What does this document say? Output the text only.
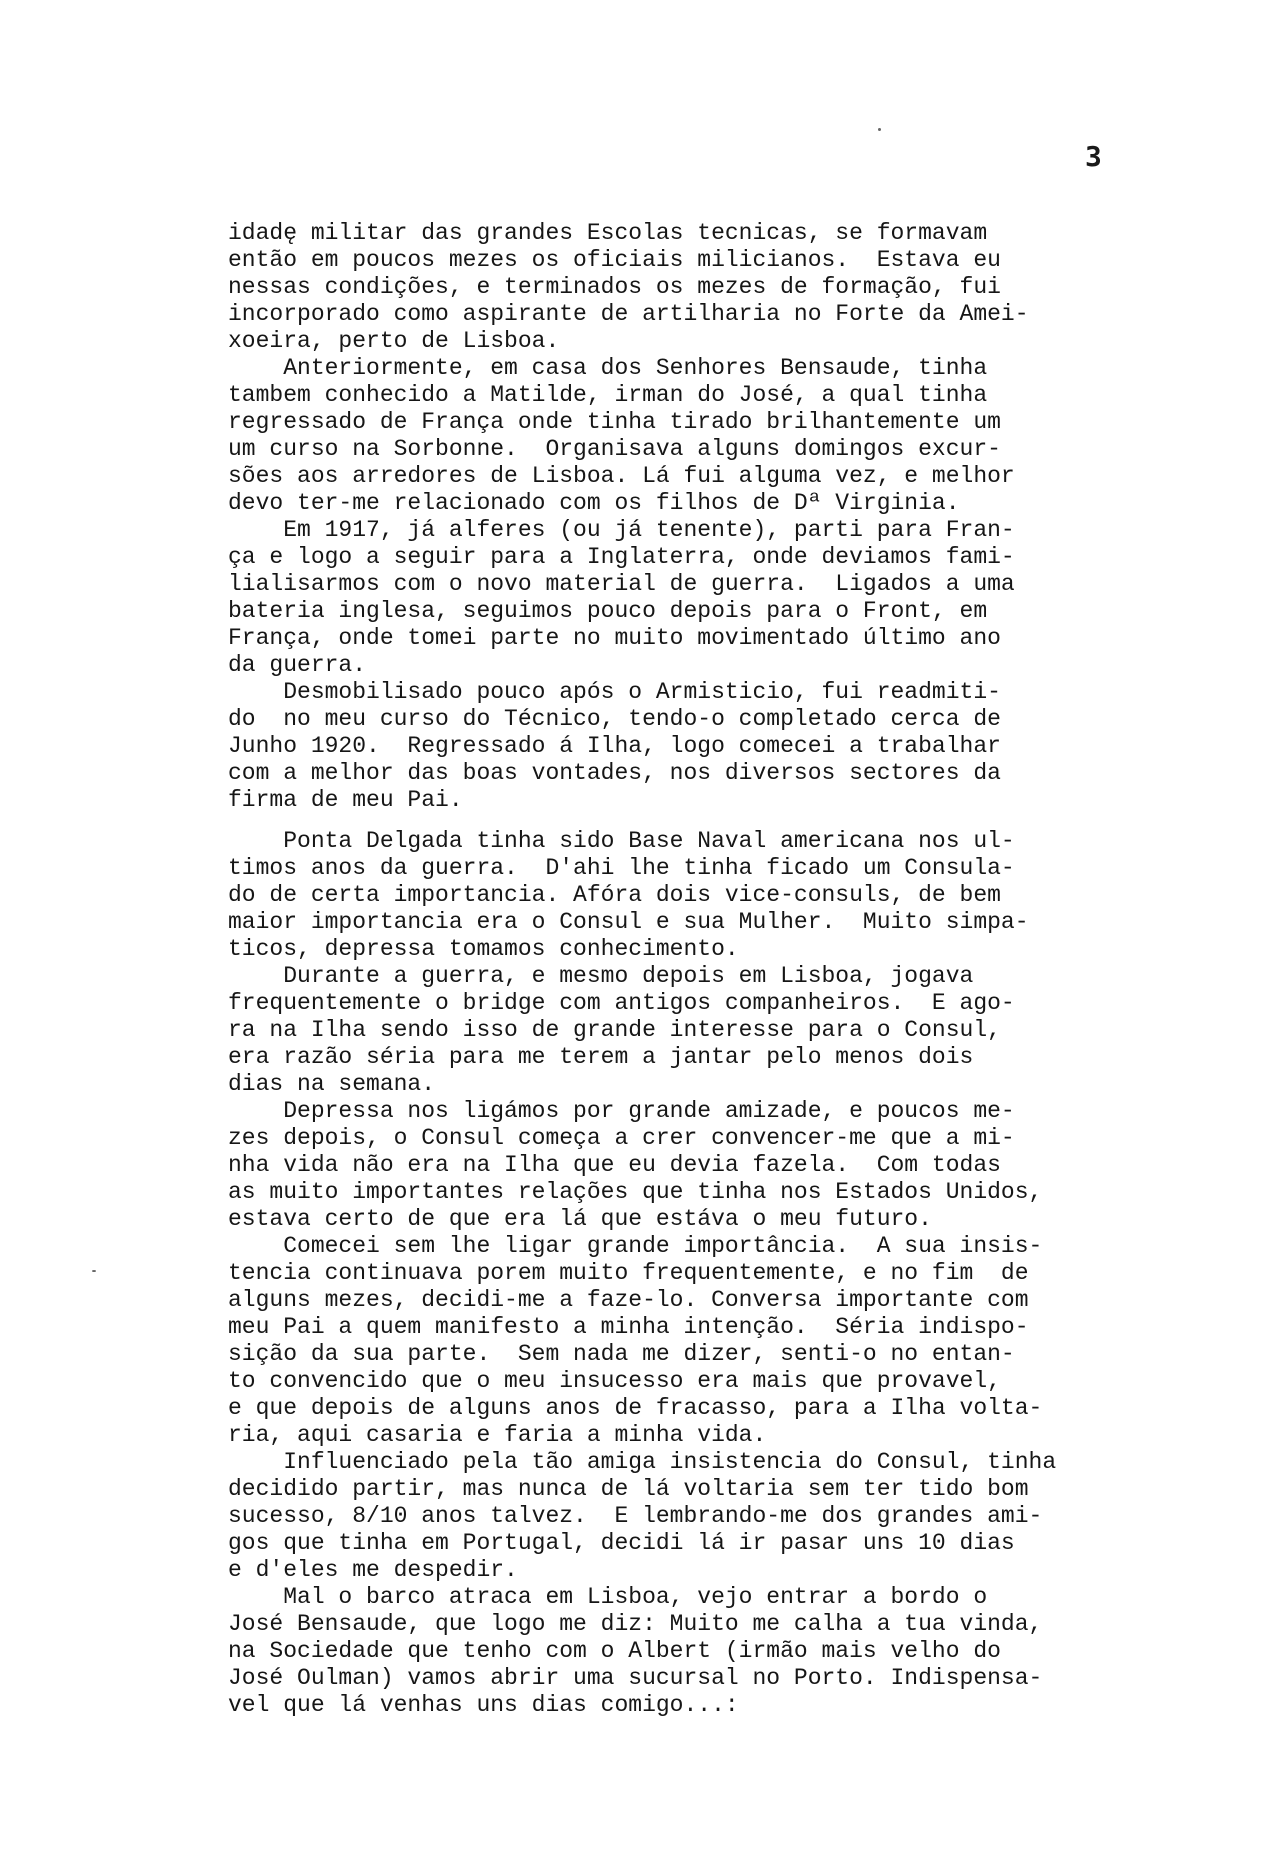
3
idadę militar das grandes Escolas tecnicas, se formavam
então em poucos mezes os oficiais milicianos.  Estava eu
nessas condições, e terminados os mezes de formação, fui
incorporado como aspirante de artilharia no Forte da Amei-
xoeira, perto de Lisboa.
Anteriormente, em casa dos Senhores Bensaude, tinha
tambem conhecido a Matilde, irman do José, a qual tinha
regressado de França onde tinha tirado brilhantemente um
um curso na Sorbonne.  Organisava alguns domingos excur-
sões aos arredores de Lisboa. Lá fui alguma vez, e melhor
devo ter-me relacionado com os filhos de Dª Virginia.
Em 1917, já alferes (ou já tenente), parti para Fran-
ça e logo a seguir para a Inglaterra, onde deviamos fami-
lialisarmos com o novo material de guerra.  Ligados a uma
bateria inglesa, seguimos pouco depois para o Front, em
França, onde tomei parte no muito movimentado último ano
da guerra.
Desmobilisado pouco após o Armisticio, fui readmiti-
do  no meu curso do Técnico, tendo-o completado cerca de
Junho 1920.  Regressado á Ilha, logo comecei a trabalhar
com a melhor das boas vontades, nos diversos sectores da
firma de meu Pai.
Ponta Delgada tinha sido Base Naval americana nos ul-
timos anos da guerra.  D'ahi lhe tinha ficado um Consula-
do de certa importancia. Afóra dois vice-consuls, de bem
maior importancia era o Consul e sua Mulher.  Muito simpa-
ticos, depressa tomamos conhecimento.
Durante a guerra, e mesmo depois em Lisboa, jogava
frequentemente o bridge com antigos companheiros.  E ago-
ra na Ilha sendo isso de grande interesse para o Consul,
era razão séria para me terem a jantar pelo menos dois
dias na semana.
Depressa nos ligámos por grande amizade, e poucos me-
zes depois, o Consul começa a crer convencer-me que a mi-
nha vida não era na Ilha que eu devia fazela.  Com todas
as muito importantes relações que tinha nos Estados Unidos,
estava certo de que era lá que estáva o meu futuro.
Comecei sem lhe ligar grande importância.  A sua insis-
tencia continuava porem muito frequentemente, e no fim  de
alguns mezes, decidi-me a faze-lo. Conversa importante com
meu Pai a quem manifesto a minha intenção.  Séria indispo-
sição da sua parte.  Sem nada me dizer, senti-o no entan-
to convencido que o meu insucesso era mais que provavel,
e que depois de alguns anos de fracasso, para a Ilha volta-
ria, aqui casaria e faria a minha vida.
Influenciado pela tão amiga insistencia do Consul, tinha
decidido partir, mas nunca de lá voltaria sem ter tido bom
sucesso, 8/10 anos talvez.  E lembrando-me dos grandes ami-
gos que tinha em Portugal, decidi lá ir pasar uns 10 dias
e d'eles me despedir.
Mal o barco atraca em Lisboa, vejo entrar a bordo o
José Bensaude, que logo me diz: Muito me calha a tua vinda,
na Sociedade que tenho com o Albert (irmão mais velho do
José Oulman) vamos abrir uma sucursal no Porto. Indispensa-
vel que lá venhas uns dias comigo...:
